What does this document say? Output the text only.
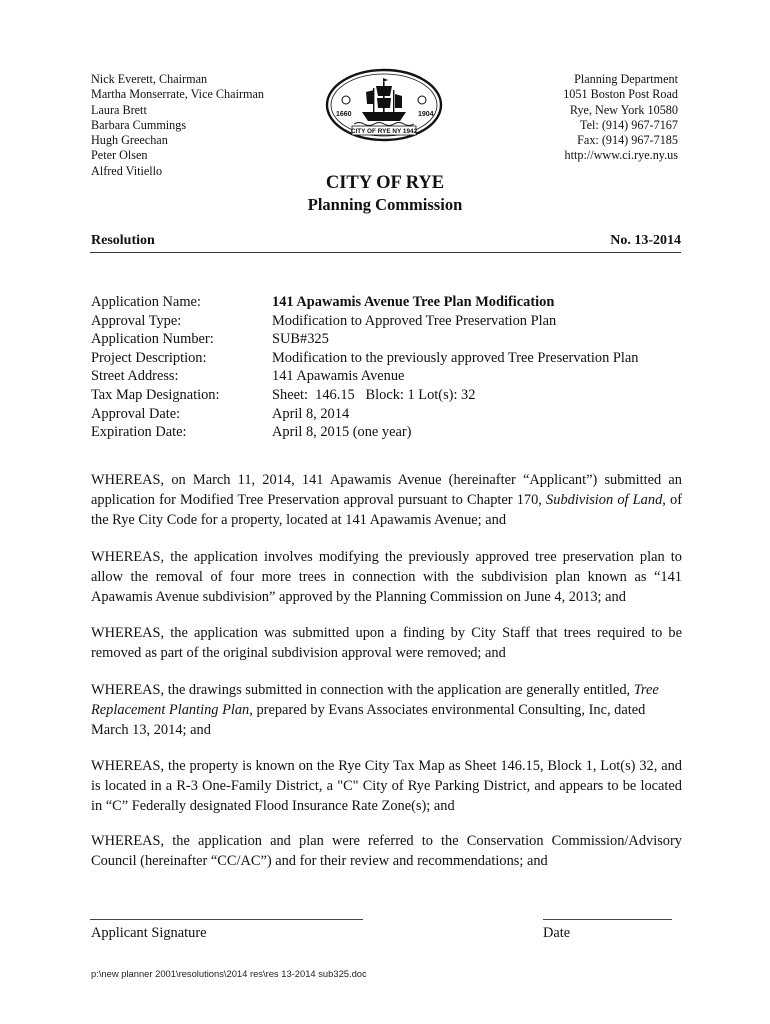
Nick Everett, Chairman
Martha Monserrate, Vice Chairman
Laura Brett
Barbara Cummings
Hugh Greechan
Peter Olsen
Alfred Vitiello
Planning Department
1051 Boston Post Road
Rye, New York 10580
Tel: (914) 967-7167
Fax: (914) 967-7185
http://www.ci.rye.ny.us
1660	1904
CITY OF RYE NY 1942
CITY OF RYE
Planning Commission
Resolution	No. 13-2014
Application Name:	141 Apawamis Avenue Tree Plan Modification
Approval Type:	Modification to Approved Tree Preservation Plan
Application Number:	SUB#325
Project Description:	Modification to the previously approved Tree Preservation Plan
Street Address:	141 Apawamis Avenue
Tax Map Designation:	Sheet:  146.15   Block: 1 Lot(s): 32
Approval Date:	April 8, 2014
Expiration Date:	April 8, 2015 (one year)

WHEREAS, on March 11, 2014, 141 Apawamis Avenue (hereinafter “Applicant”) submitted an application for Modified Tree Preservation approval pursuant to Chapter 170, Subdivision of Land, of the Rye City Code for a property, located at 141 Apawamis Avenue; and

WHEREAS, the application involves modifying the previously approved tree preservation plan to allow the removal of four more trees in connection with the subdivision plan known as “141 Apawamis Avenue subdivision” approved by the Planning Commission on June 4, 2013; and

WHEREAS, the application was submitted upon a finding by City Staff that trees required to be removed as part of the original subdivision approval were removed; and

WHEREAS, the drawings submitted in connection with the application are generally entitled, Tree Replacement Planting Plan, prepared by Evans Associates environmental Consulting, Inc, dated March 13, 2014; and

WHEREAS, the property is known on the Rye City Tax Map as Sheet 146.15, Block 1, Lot(s) 32, and is located in a R-3 One-Family District, a "C" City of Rye Parking District, and appears to be located in “C” Federally designated Flood Insurance Rate Zone(s); and

WHEREAS, the application and plan were referred to the Conservation Commission/Advisory Council (hereinafter “CC/AC”) and for their review and recommendations; and

Applicant Signature	Date
p:\new planner 2001\resolutions\2014 res\res 13-2014 sub325.doc
